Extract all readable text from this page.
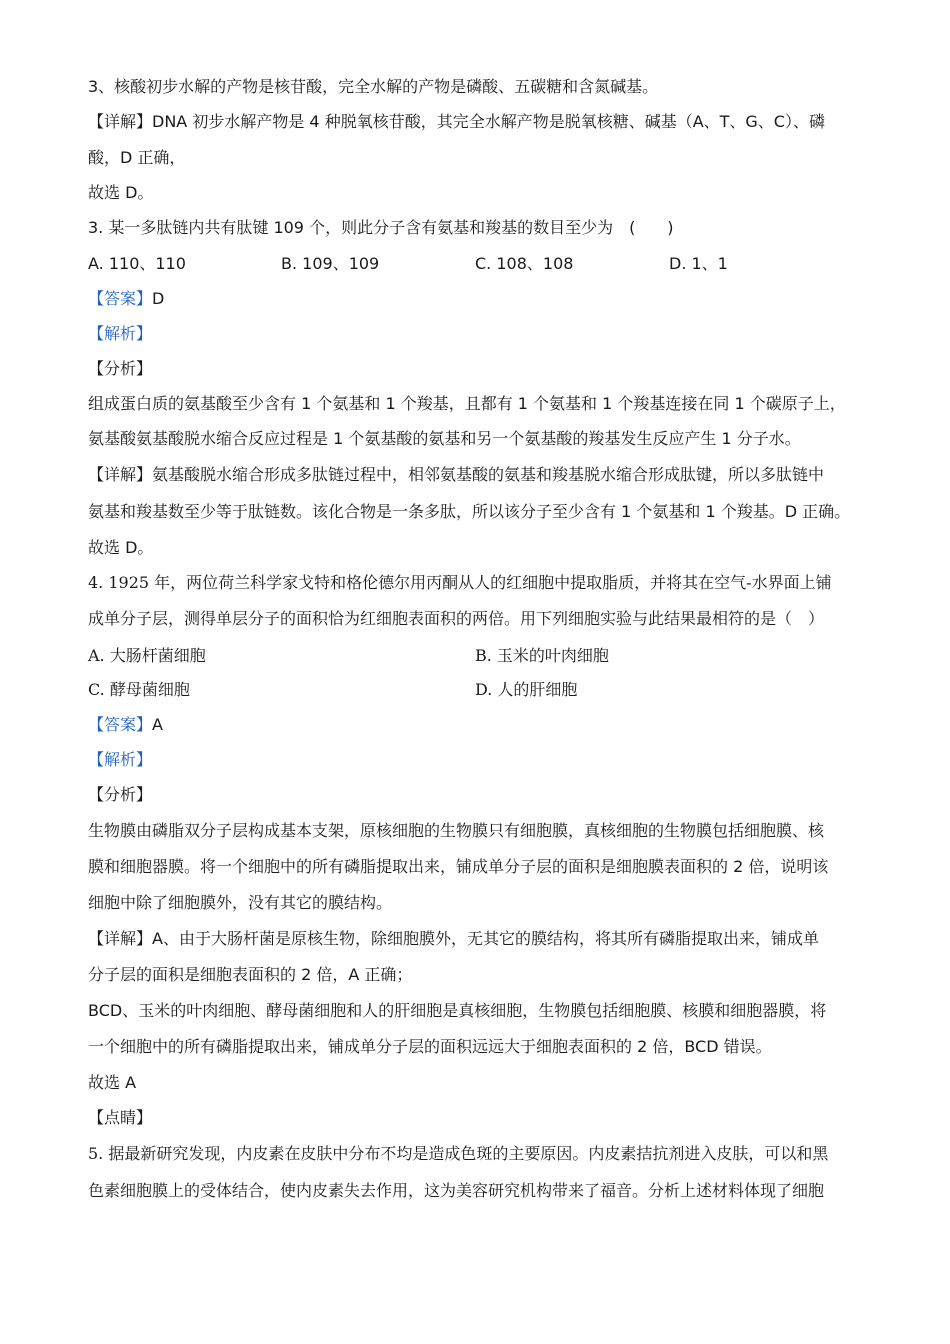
3、核酸初步水解的产物是核苷酸，完全水解的产物是磷酸、五碳糖和含氮碱基。
【详解】DNA 初步水解产物是 4 种脱氧核苷酸，其完全水解产物是脱氧核糖、碱基（A、T、G、C）、磷
酸，D 正确，
故选 D。
3. 某一多肽链内共有肽键 109 个，则此分子含有氨基和羧基的数目至少为　(　　)
A. 110、110	B. 109、109	C. 108、108	D. 1、1
【答案】D
【解析】
【分析】
组成蛋白质的氨基酸至少含有 1 个氨基和 1 个羧基，且都有 1 个氨基和 1 个羧基连接在同 1 个碳原子上，
氨基酸氨基酸脱水缩合反应过程是 1 个氨基酸的氨基和另一个氨基酸的羧基发生反应产生 1 分子水。
【详解】氨基酸脱水缩合形成多肽链过程中，相邻氨基酸的氨基和羧基脱水缩合形成肽键，所以多肽链中
氨基和羧基数至少等于肽链数。该化合物是一条多肽，所以该分子至少含有 1 个氨基和 1 个羧基。D 正确。
故选 D。
4. 1925 年，两位荷兰科学家戈特和格伦德尔用丙酮从人的红细胞中提取脂质，并将其在空气-水界面上铺
成单分子层，测得单层分子的面积恰为红细胞表面积的两倍。用下列细胞实验与此结果最相符的是（　）
A. 大肠杆菌细胞	B. 玉米的叶肉细胞
C. 酵母菌细胞	D. 人的肝细胞
【答案】A
【解析】
【分析】
生物膜由磷脂双分子层构成基本支架，原核细胞的生物膜只有细胞膜，真核细胞的生物膜包括细胞膜、核
膜和细胞器膜。将一个细胞中的所有磷脂提取出来，铺成单分子层的面积是细胞膜表面积的 2 倍，说明该
细胞中除了细胞膜外，没有其它的膜结构。
【详解】A、由于大肠杆菌是原核生物，除细胞膜外，无其它的膜结构，将其所有磷脂提取出来，铺成单
分子层的面积是细胞表面积的 2 倍，A 正确；
BCD、玉米的叶肉细胞、酵母菌细胞和人的肝细胞是真核细胞，生物膜包括细胞膜、核膜和细胞器膜，将
一个细胞中的所有磷脂提取出来，铺成单分子层的面积远远大于细胞表面积的 2 倍，BCD 错误。
故选 A
【点睛】
5. 据最新研究发现，内皮素在皮肤中分布不均是造成色斑的主要原因。内皮素拮抗剂进入皮肤，可以和黑
色素细胞膜上的受体结合，使内皮素失去作用，这为美容研究机构带来了福音。分析上述材料体现了细胞
